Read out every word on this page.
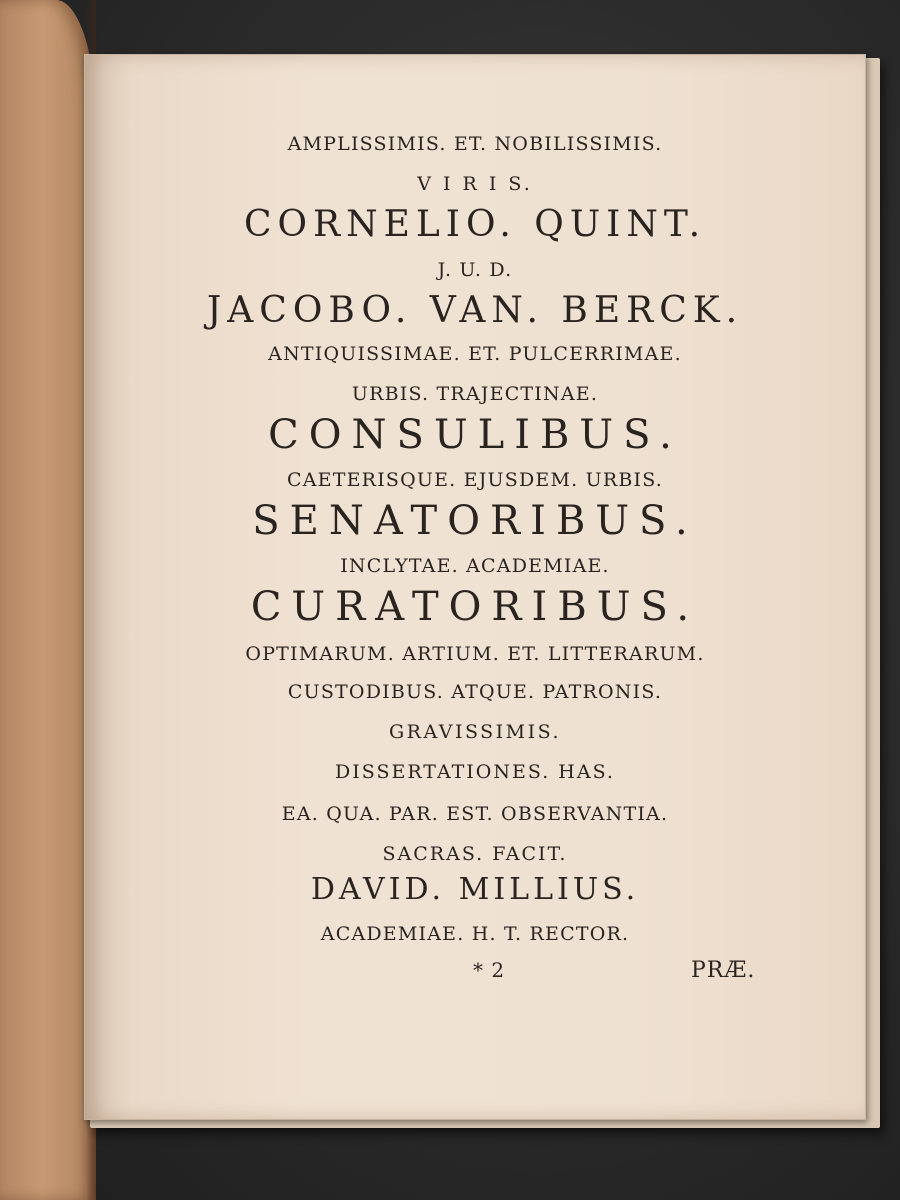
AMPLISSIMIS. ET. NOBILISSIMIS.
V I R I S.
CORNELIO. QUINT.
J. U. D.
JACOBO. VAN. BERCK.
ANTIQUISSIMAE. ET. PULCERRIMAE.
URBIS. TRAJECTINAE.
CONSULIBUS.
CAETERISQUE. EJUSDEM. URBIS.
SENATORIBUS.
INCLYTAE. ACADEMIAE.
CURATORIBUS.
OPTIMARUM. ARTIUM. ET. LITTERARUM.
CUSTODIBUS. ATQUE. PATRONIS.
GRAVISSIMIS.
DISSERTATIONES. HAS.
EA. QUA. PAR. EST. OBSERVANTIA.
SACRAS. FACIT.
DAVID. MILLIUS.
ACADEMIAE. H. T. RECTOR.
* 2	PRÆ.
